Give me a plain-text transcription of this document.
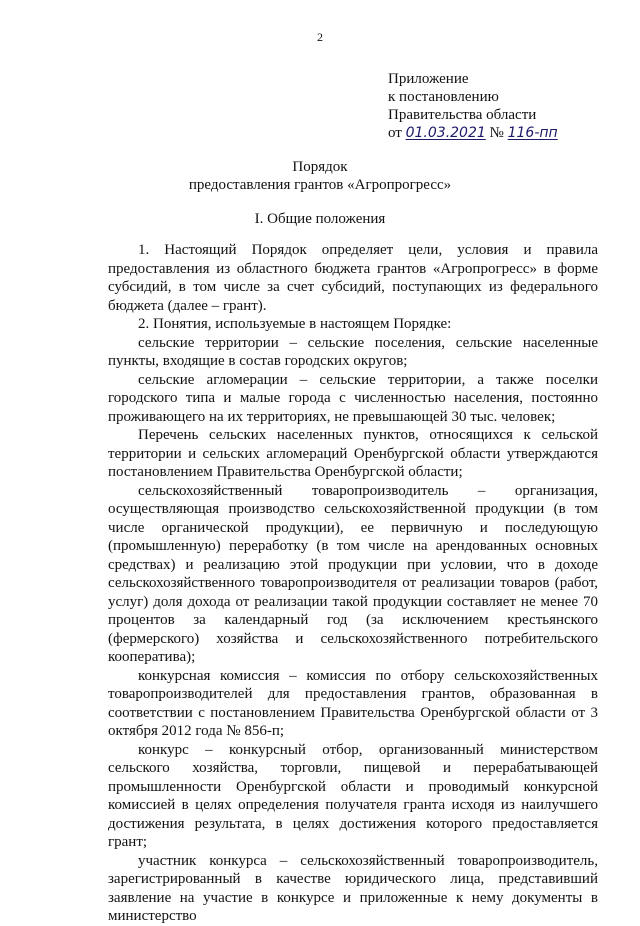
2
Приложение
к постановлению
Правительства области
от 01.03.2021 № 116-пп
Порядок
предоставления грантов «Агропрогресс»
I. Общие положения

1. Настоящий Порядок определяет цели, условия и правила предоставления из областного бюджета грантов «Агропрогресс» в форме субсидий, в том числе за счет субсидий, поступающих из федерального бюджета (далее – грант).

2. Понятия, используемые в настоящем Порядке:

сельские территории – сельские поселения, сельские населенные пункты, входящие в состав городских округов;

сельские агломерации – сельские территории, а также поселки городского типа и малые города с численностью населения, постоянно проживающего на их территориях, не превышающей 30 тыс. человек;

Перечень сельских населенных пунктов, относящихся к сельской территории и сельских агломераций Оренбургской области утверждаются постановлением Правительства Оренбургской области;

сельскохозяйственный товаропроизводитель – организация, осуществляющая производство сельскохозяйственной продукции (в том числе органической продукции), ее первичную и последующую (промышленную) переработку (в том числе на арендованных основных средствах) и реализацию этой продукции при условии, что в доходе сельскохозяйственного товаропроизводителя от реализации товаров (работ, услуг) доля дохода от реализации такой продукции составляет не менее 70 процентов за календарный год (за исключением крестьянского (фермерского) хозяйства и сельскохозяйственного потребительского кооператива);

конкурсная комиссия – комиссия по отбору сельскохозяйственных товаропроизводителей для предоставления грантов, образованная в соответствии с постановлением Правительства Оренбургской области от 3 октября 2012 года № 856-п;

конкурс – конкурсный отбор, организованный министерством сельского хозяйства, торговли, пищевой и перерабатывающей промышленности Оренбургской области и проводимый конкурсной комиссией в целях определения получателя гранта исходя из наилучшего достижения результата, в целях достижения которого предоставляется грант;

участник конкурса – сельскохозяйственный товаропроизводитель, зарегистрированный в качестве юридического лица, представивший заявление на участие в конкурсе и приложенные к нему документы в министерство
